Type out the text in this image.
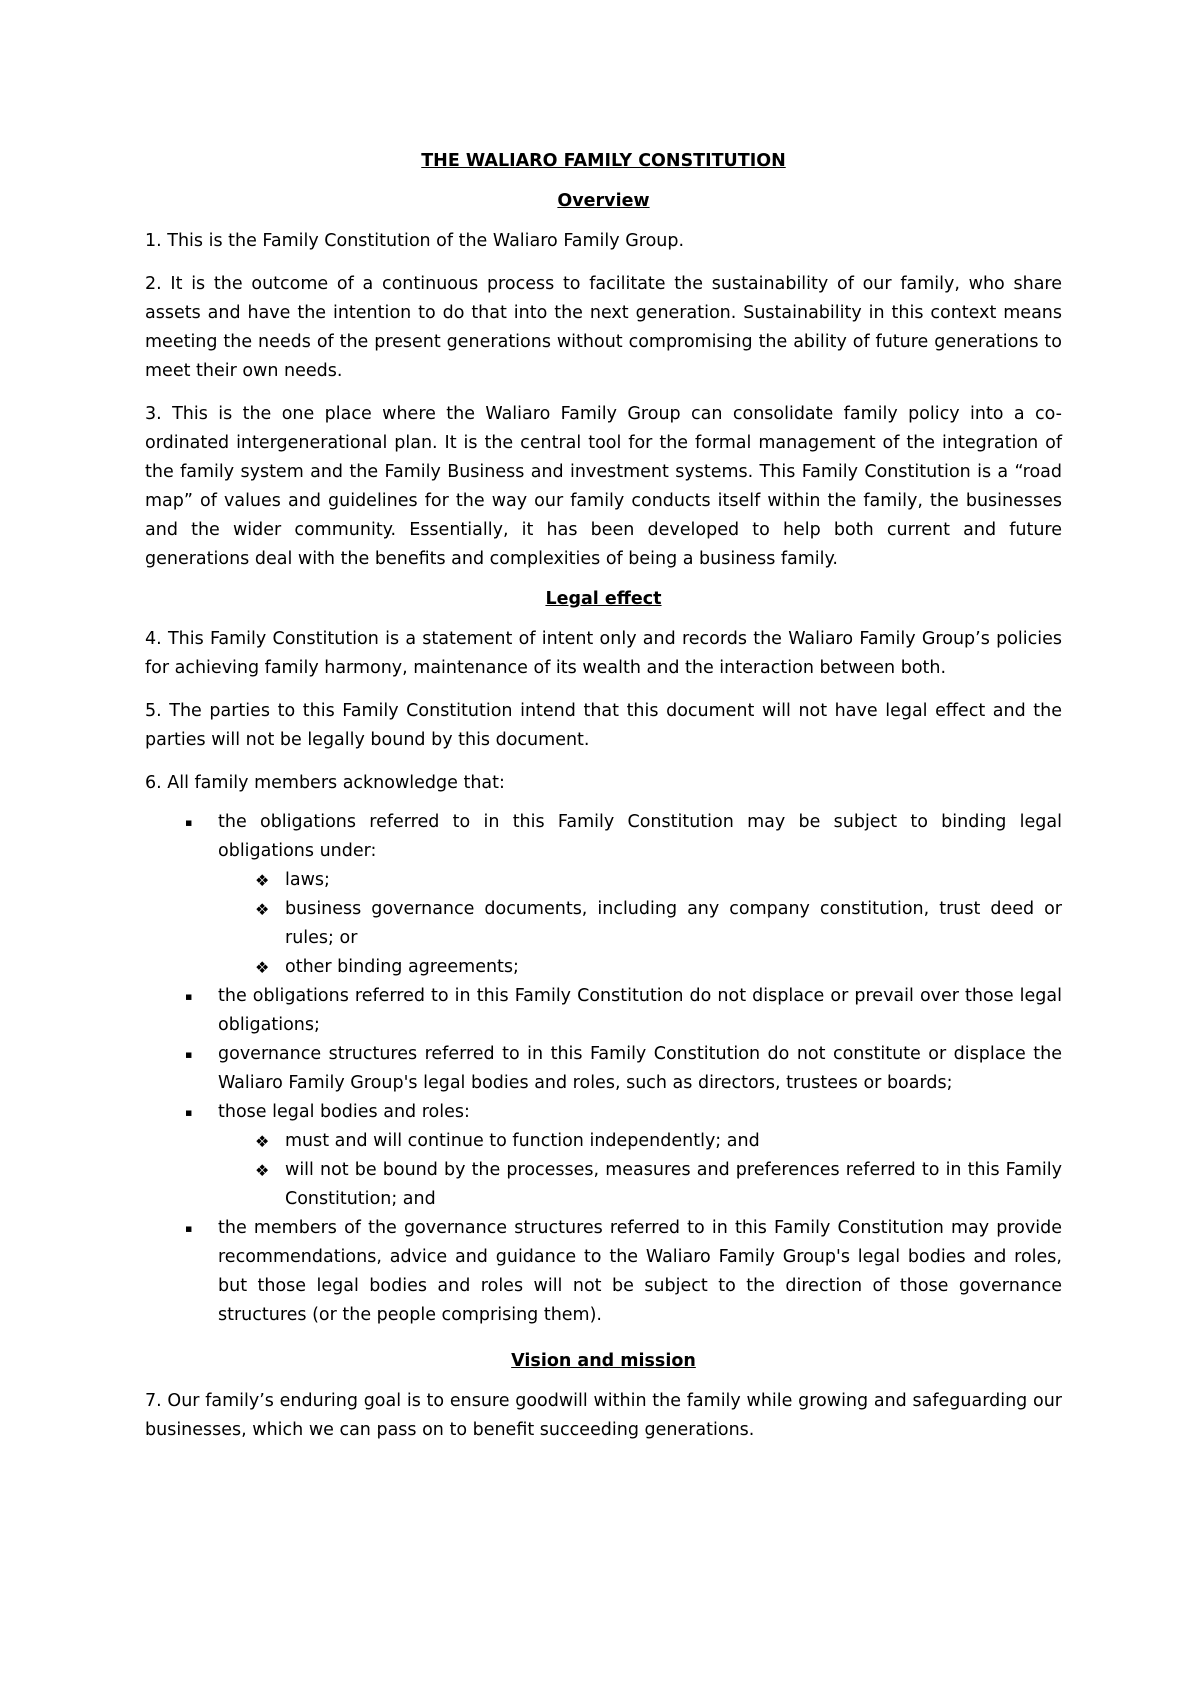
THE WALIARO FAMILY CONSTITUTION
Overview

1. This is the Family Constitution of the Waliaro Family Group.

2. It is the outcome of a continuous process to facilitate the sustainability of our family, who share assets and have the intention to do that into the next generation. Sustainability in this context means meeting the needs of the present generations without compromising the ability of future generations to meet their own needs.

3. This is the one place where the Waliaro Family Group can consolidate family policy into a co-ordinated intergenerational plan. It is the central tool for the formal management of the integration of the family system and the Family Business and investment systems. This Family Constitution is a “road map” of values and guidelines for the way our family conducts itself within the family, the businesses and the wider community. Essentially, it has been developed to help both current and future generations deal with the benefits and complexities of being a business family.

Legal effect

4. This Family Constitution is a statement of intent only and records the Waliaro Family Group’s policies for achieving family harmony, maintenance of its wealth and the interaction between both.

5. The parties to this Family Constitution intend that this document will not have legal effect and the parties will not be legally bound by this document.

6. All family members acknowledge that:

▪ the obligations referred to in this Family Constitution may be subject to binding legal obligations under:
❖ laws;
❖ business governance documents, including any company constitution, trust deed or rules; or
❖ other binding agreements;
▪ the obligations referred to in this Family Constitution do not displace or prevail over those legal obligations;
▪ governance structures referred to in this Family Constitution do not constitute or displace the Waliaro Family Group's legal bodies and roles, such as directors, trustees or boards;
▪ those legal bodies and roles:
❖ must and will continue to function independently; and
❖ will not be bound by the processes, measures and preferences referred to in this Family Constitution; and
▪ the members of the governance structures referred to in this Family Constitution may provide recommendations, advice and guidance to the Waliaro Family Group's legal bodies and roles, but those legal bodies and roles will not be subject to the direction of those governance structures (or the people comprising them).
Vision and mission

7. Our family’s enduring goal is to ensure goodwill within the family while growing and safeguarding our businesses, which we can pass on to benefit succeeding generations.
